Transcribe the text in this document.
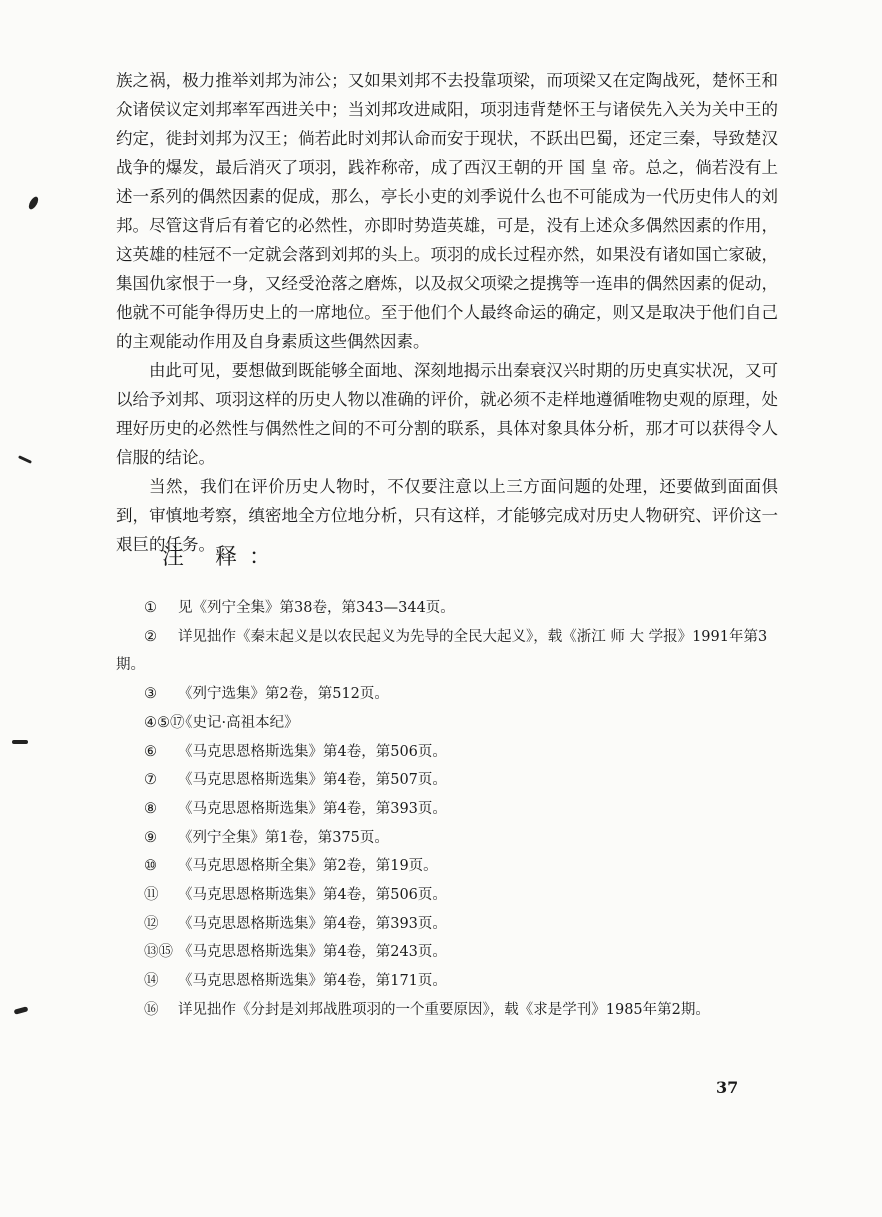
族之祸，极力推举刘邦为沛公；又如果刘邦不去投靠项梁，而项梁又在定陶战死，楚怀王和众诸侯议定刘邦率军西进关中；当刘邦攻进咸阳，项羽违背楚怀王与诸侯先入关为关中王的约定，徙封刘邦为汉王；倘若此时刘邦认命而安于现状，不跃出巴蜀，还定三秦，导致楚汉战争的爆发，最后消灭了项羽，践祚称帝，成了西汉王朝的开 国 皇 帝。总之，倘若没有上述一系列的偶然因素的促成，那么，亭长小吏的刘季说什么也不可能成为一代历史伟人的刘邦。尽管这背后有着它的必然性，亦即时势造英雄，可是，没有上述众多偶然因素的作用，这英雄的桂冠不一定就会落到刘邦的头上。项羽的成长过程亦然，如果没有诸如国亡家破，集国仇家恨于一身，又经受沧落之磨炼，以及叔父项梁之提携等一连串的偶然因素的促动，他就不可能争得历史上的一席地位。至于他们个人最终命运的确定，则又是取决于他们自己的主观能动作用及自身素质这些偶然因素。

由此可见，要想做到既能够全面地、深刻地揭示出秦衰汉兴时期的历史真实状况，又可以给予刘邦、项羽这样的历史人物以准确的评价，就必须不走样地遵循唯物史观的原理，处理好历史的必然性与偶然性之间的不可分割的联系，具体对象具体分析，那才可以获得令人信服的结论。

当然，我们在评价历史人物时，不仅要注意以上三方面问题的处理，还要做到面面俱到，审慎地考察，缜密地全方位地分析，只有这样，才能够完成对历史人物研究、评价这一艰巨的任务。

注 释：

① 见《列宁全集》第38卷，第343—344页。

② 详见拙作《秦末起义是以农民起义为先导的全民大起义》，载《浙江 师 大 学报》1991年第3期。

③ 《列宁选集》第2卷，第512页。

④⑤⑰《史记·高祖本纪》

⑥ 《马克思恩格斯选集》第4卷，第506页。

⑦ 《马克思恩格斯选集》第4卷，第507页。

⑧ 《马克思恩格斯选集》第4卷，第393页。

⑨ 《列宁全集》第1卷，第375页。

⑩ 《马克思恩格斯全集》第2卷，第19页。

⑪ 《马克思恩格斯选集》第4卷，第506页。

⑫ 《马克思恩格斯选集》第4卷，第393页。

⑬⑮ 《马克思恩格斯选集》第4卷，第243页。

⑭ 《马克思恩格斯选集》第4卷，第171页。

⑯ 详见拙作《分封是刘邦战胜项羽的一个重要原因》，载《求是学刊》1985年第2期。

37
